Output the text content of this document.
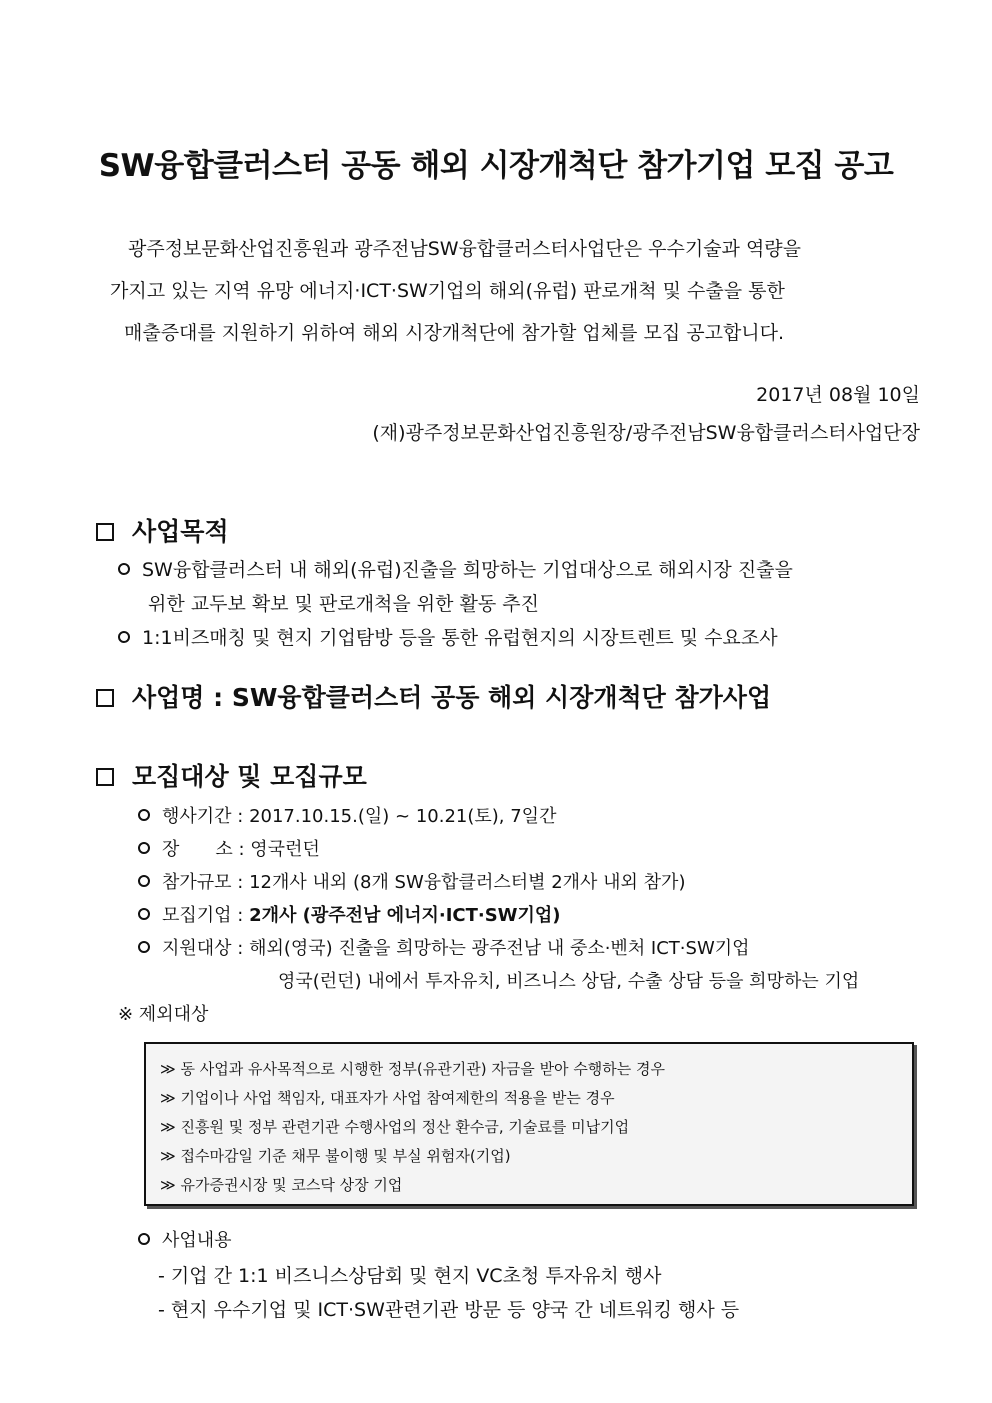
SW융합클러스터 공동 해외 시장개척단 참가기업 모집 공고
광주정보문화산업진흥원과 광주전남SW융합클러스터사업단은 우수기술과 역량을
가지고 있는 지역 유망 에너지·ICT·SW기업의 해외(유럽) 판로개척 및 수출을 통한
매출증대를 지원하기 위하여 해외 시장개척단에 참가할 업체를 모집 공고합니다.
2017년 08월 10일
(재)광주정보문화산업진흥원장/광주전남SW융합클러스터사업단장
사업목적
SW융합클러스터 내 해외(유럽)진출을 희망하는 기업대상으로 해외시장 진출을
위한 교두보 확보 및 판로개척을 위한 활동 추진
1:1비즈매칭 및 현지 기업탐방 등을 통한 유럽현지의 시장트렌트 및 수요조사
사업명 : SW융합클러스터 공동 해외 시장개척단 참가사업
모집대상 및 모집규모
행사기간 : 2017.10.15.(일) ~ 10.21(토), 7일간
장　　소 : 영국런던
참가규모 : 12개사 내외 (8개 SW융합클러스터별 2개사 내외 참가)
모집기업 : 2개사 (광주전남 에너지·ICT·SW기업)
지원대상 : 해외(영국) 진출을 희망하는 광주전남 내 중소·벤처 ICT·SW기업
영국(런던) 내에서 투자유치, 비즈니스 상담, 수출 상담 등을 희망하는 기업
※ 제외대상
≫ 동 사업과 유사목적으로 시행한 정부(유관기관) 자금을 받아 수행하는 경우
≫ 기업이나 사업 책임자, 대표자가 사업 참여제한의 적용을 받는 경우
≫ 진흥원 및 정부 관련기관 수행사업의 정산 환수금, 기술료를 미납기업
≫ 접수마감일 기준 채무 불이행 및 부실 위험자(기업)
≫ 유가증권시장 및 코스닥 상장 기업
사업내용
- 기업 간 1:1 비즈니스상담회 및 현지 VC초청 투자유치 행사
- 현지 우수기업 및 ICT·SW관련기관 방문 등 양국 간 네트워킹 행사 등
